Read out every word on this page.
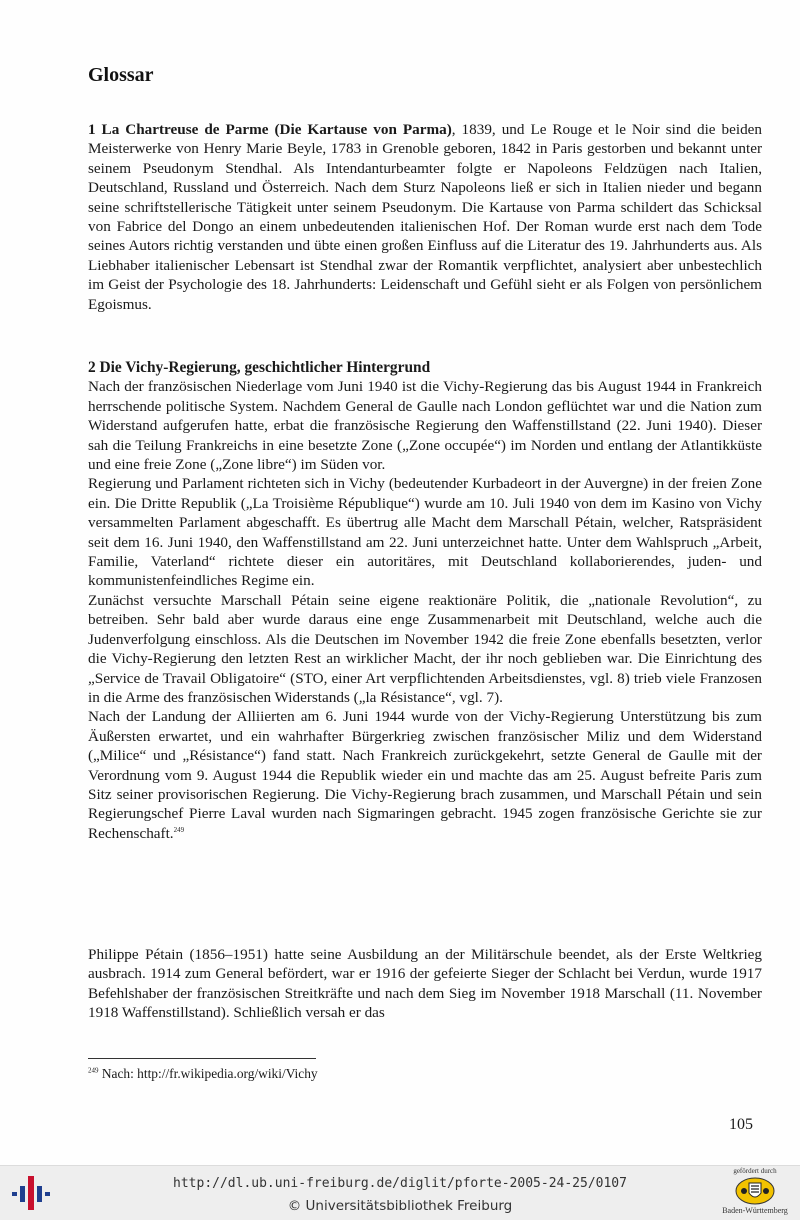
Glossar

1 La Chartreuse de Parme (Die Kartause von Parma), 1839, und Le Rouge et le Noir sind die beiden Meisterwerke von Henry Marie Beyle, 1783 in Grenoble geboren, 1842 in Paris gestorben und bekannt unter seinem Pseudonym Stendhal. Als Intendanturbeamter folgte er Napoleons Feldzügen nach Italien, Deutschland, Russland und Österreich. Nach dem Sturz Napoleons ließ er sich in Italien nieder und begann seine schriftstellerische Tätigkeit unter seinem Pseudonym. Die Kartause von Parma schildert das Schicksal von Fabrice del Dongo an einem unbedeutenden italienischen Hof. Der Roman wurde erst nach dem Tode seines Autors richtig verstanden und übte einen großen Einfluss auf die Literatur des 19. Jahrhunderts aus. Als Liebhaber italienischer Lebensart ist Stendhal zwar der Romantik verpflichtet, analysiert aber unbestechlich im Geist der Psychologie des 18. Jahrhunderts: Leidenschaft und Gefühl sieht er als Folgen von persönlichem Egoismus.

2 Die Vichy-Regierung, geschichtlicher Hintergrund

Nach der französischen Niederlage vom Juni 1940 ist die Vichy-Regierung das bis August 1944 in Frankreich herrschende politische System. Nachdem General de Gaulle nach London geflüchtet war und die Nation zum Widerstand aufgerufen hatte, erbat die französische Regierung den Waffenstillstand (22. Juni 1940). Dieser sah die Teilung Frankreichs in eine besetzte Zone („Zone occupée“) im Norden und entlang der Atlantikküste und eine freie Zone („Zone libre“) im Süden vor.

Regierung und Parlament richteten sich in Vichy (bedeutender Kurbadeort in der Auvergne) in der freien Zone ein. Die Dritte Republik („La Troisième République“) wurde am 10. Juli 1940 von dem im Kasino von Vichy versammelten Parlament abgeschafft. Es übertrug alle Macht dem Marschall Pétain, welcher, Ratspräsident seit dem 16. Juni 1940, den Waffenstillstand am 22. Juni unterzeichnet hatte. Unter dem Wahlspruch „Arbeit, Familie, Vaterland“ richtete dieser ein autoritäres, mit Deutschland kollaborierendes, juden- und kommunistenfeindliches Regime ein.

Zunächst versuchte Marschall Pétain seine eigene reaktionäre Politik, die „nationale Revolution“, zu betreiben. Sehr bald aber wurde daraus eine enge Zusammenarbeit mit Deutschland, welche auch die Judenverfolgung einschloss. Als die Deutschen im November 1942 die freie Zone ebenfalls besetzten, verlor die Vichy-Regierung den letzten Rest an wirklicher Macht, der ihr noch geblieben war. Die Einrichtung des „Service de Travail Obligatoire“ (STO, einer Art verpflichtenden Arbeitsdienstes, vgl. 8) trieb viele Franzosen in die Arme des französischen Widerstands („la Résistance“, vgl. 7).

Nach der Landung der Alliierten am 6. Juni 1944 wurde von der Vichy-Regierung Unterstützung bis zum Äußersten erwartet, und ein wahrhafter Bürgerkrieg zwischen französischer Miliz und dem Widerstand („Milice“ und „Résistance“) fand statt. Nach Frankreich zurückgekehrt, setzte General de Gaulle mit der Verordnung vom 9. August 1944 die Republik wieder ein und machte das am 25. August befreite Paris zum Sitz seiner provisorischen Regierung. Die Vichy-Regierung brach zusammen, und Marschall Pétain und sein Regierungschef Pierre Laval wurden nach Sigmaringen gebracht. 1945 zogen französische Gerichte sie zur Rechenschaft.$^{249}$

Philippe Pétain (1856–1951) hatte seine Ausbildung an der Militärschule beendet, als der Erste Weltkrieg ausbrach. 1914 zum General befördert, war er 1916 der gefeierte Sieger der Schlacht bei Verdun, wurde 1917 Befehlshaber der französischen Streitkräfte und nach dem Sieg im November 1918 Marschall (11. November 1918 Waffenstillstand). Schließlich versah er das

$^{249}$ Nach: http://fr.wikipedia.org/wiki/Vichy
105
http://dl.ub.uni-freiburg.de/diglit/pforte-2005-24-25/0107
© Universitätsbibliothek Freiburg
gefördert durch
Baden-Württemberg
